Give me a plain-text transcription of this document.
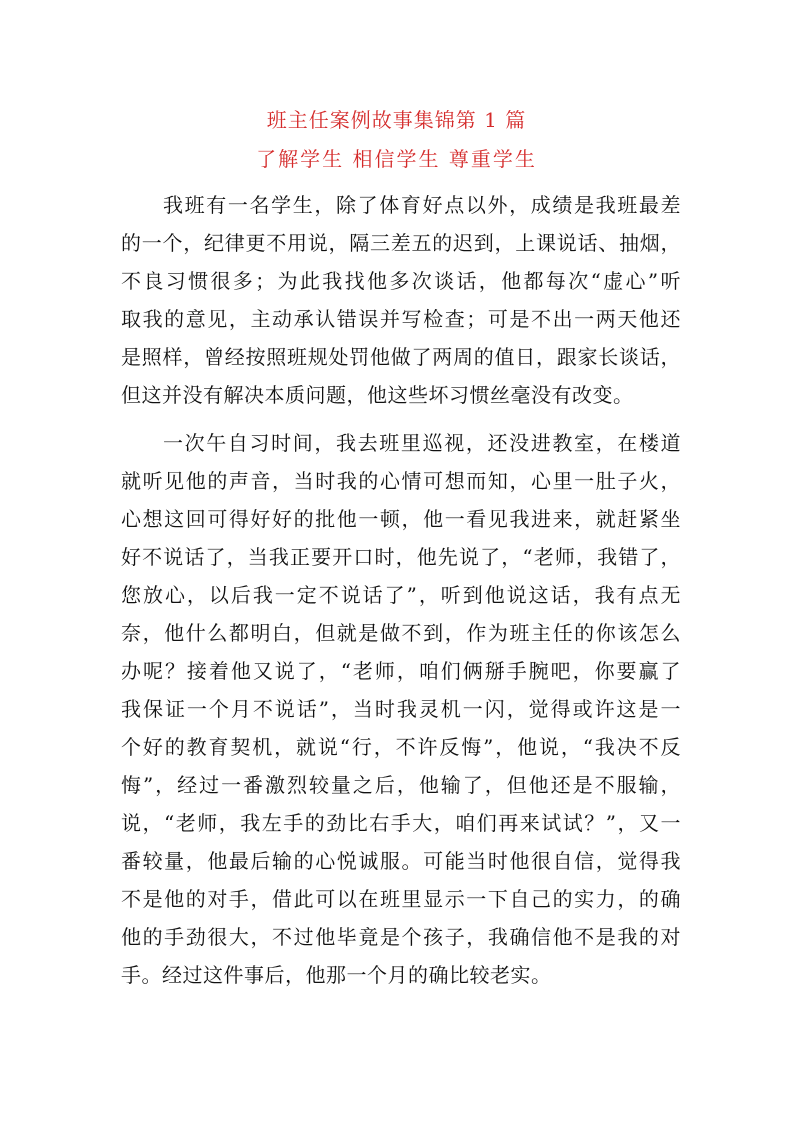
班主任案例故事集锦第 1 篇
了解学生 相信学生 尊重学生
我班有一名学生，除了体育好点以外，成绩是我班最差
的一个，纪律更不用说，隔三差五的迟到，上课说话、抽烟，
不良习惯很多；为此我找他多次谈话，他都每次“虚心”听
取我的意见，主动承认错误并写检查；可是不出一两天他还
是照样，曾经按照班规处罚他做了两周的值日，跟家长谈话，
但这并没有解决本质问题，他这些坏习惯丝毫没有改变。
一次午自习时间，我去班里巡视，还没进教室，在楼道
就听见他的声音，当时我的心情可想而知，心里一肚子火，
心想这回可得好好的批他一顿，他一看见我进来，就赶紧坐
好不说话了，当我正要开口时，他先说了，“老师，我错了，
您放心，以后我一定不说话了”，听到他说这话，我有点无
奈，他什么都明白，但就是做不到，作为班主任的你该怎么
办呢？接着他又说了，“老师，咱们俩掰手腕吧，你要赢了
我保证一个月不说话”，当时我灵机一闪，觉得或许这是一
个好的教育契机，就说“行，不许反悔”，他说，“我决不反
悔”，经过一番激烈较量之后，他输了，但他还是不服输，
说，“老师，我左手的劲比右手大，咱们再来试试？”，又一
番较量，他最后输的心悦诚服。可能当时他很自信，觉得我
不是他的对手，借此可以在班里显示一下自己的实力，的确
他的手劲很大，不过他毕竟是个孩子，我确信他不是我的对
手。经过这件事后，他那一个月的确比较老实。
